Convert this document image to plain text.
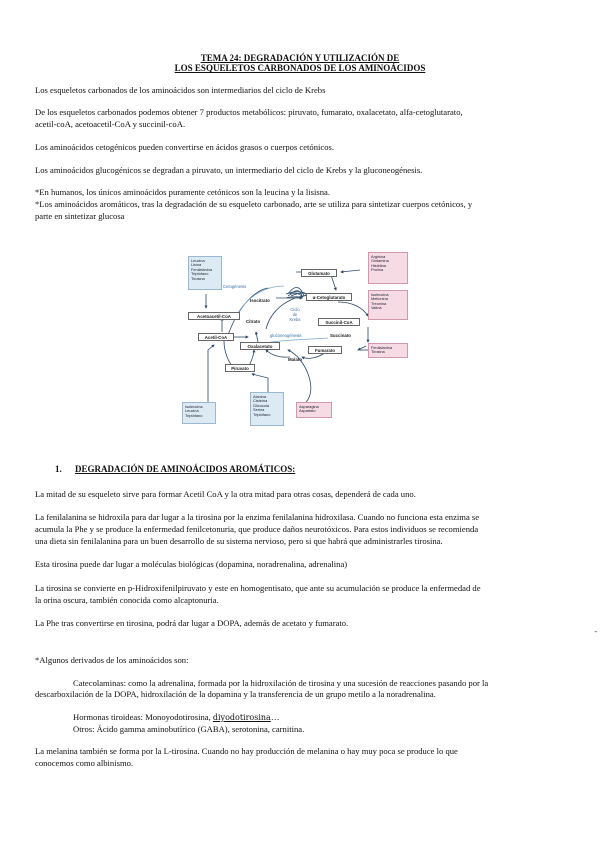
TEMA 24: DEGRADACIÓN Y UTILIZACIÓN DE

LOS ESQUELETOS CARBONADOS DE LOS AMINOÁCIDOS

Los esqueletos carbonados de los aminoácidos son intermediarios del ciclo de Krebs

De los esqueletos carbonados podemos obtener 7 productos metabólicos: piruvato, fumarato, oxalacetato, alfa-cetoglutarato,

acetil-coA, acetoacetil-CoA y succinil-coA.

Los aminoácidos cetogénicos pueden convertirse en ácidos grasos o cuerpos cetónicos.

Los aminoácidos glucogénicos se degradan a piruvato, un intermediario del ciclo de Krebs y la gluconeogénesis.

*En humanos, los únicos aminoácidos puramente cetónicos son la leucina y la lisisna.

*Los aminoácidos aromáticos, tras la degradación de su esqueleto carbonado, arte se utiliza para sintetizar cuerpos cetónicos, y

parte en sintetizar glucosa

Leucina
Lisina
Fenilalanina
Triptófano
Tirosina
Arginina
Glutamina
Histidina
Prolina
Isoleucina
Metionina
Treonina
Valina
Fenilalanina
Tirosina
Isoleucina
Leucina
Triptófano
Alanina
Cisteína
Glicocola
Serina
Triptófano
Asparagina
Aspartato
Glutamato
α-Cetoglutarato
Succinil-CoA
Fumarato
Oxalacetato
Acetoacetil-CoA
Acetil-CoA
Piruvato
Isocitrato
Citrato
Succinato
Malato
Cetogénesis
gluconeogénesis
Ciclo
de
Krebs

1. DEGRADACIÓN DE AMINOÁCIDOS AROMÁTICOS:

La mitad de su esqueleto sirve para formar Acetil CoA y la otra mitad para otras cosas, dependerá de cada uno.

La fenilalanina se hidroxila para dar lugar a la tirosina por la enzima fenilalanina hidroxilasa. Cuando no funciona esta enzima se

acumula la Phe y se produce la enfermedad fenilcetonuria, que produce daños neurotóxicos. Para estos individuos se recomienda

una dieta sin fenilalanina para un buen desarrollo de su sistema nervioso, pero si que habrá que administrarles tirosina.

Esta tirosina puede dar lugar a moléculas biológicas (dopamina, noradrenalina, adrenalina)

La tirosina se convierte en p-Hidroxifenilpiruvato y este en homogentisato, que ante su acumulación se produce la enfermedad de

la orina oscura, también conocida como alcaptonuria.

La Phe tras convertirse en tirosina, podrá dar lugar a DOPA, además de acetato y fumarato.

-

*Algunos derivados de los aminoácidos son:

Catecolaminas: como la adrenalina, formada por la hidroxilación de tirosina y una sucesión de reacciones pasando por la

descarboxilación de la DOPA, hidroxilación de la dopamina y la transferencia de un grupo metilo a la noradrenalina.

Hormonas tiroideas: Monoyodotirosina, diyodotirosina…

Otros: Ácido gamma aminobutírico (GABA), serotonina, carnitina.

La melanina también se forma por la L-tirosina. Cuando no hay producción de melanina o hay muy poca se produce lo que

conocemos como albinismo.
